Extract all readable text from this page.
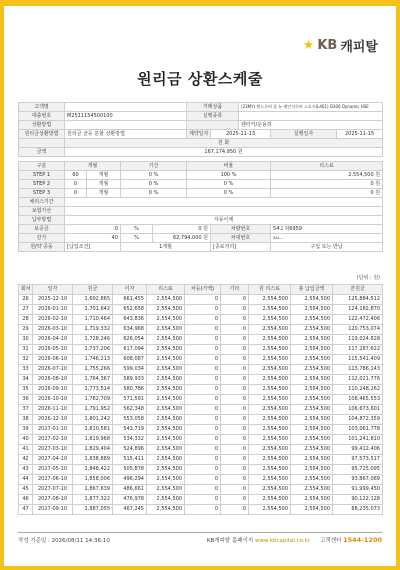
★ KB 캐피탈
원리금 상환스케줄
고객명					거래상품		(23MY) 랜드로버 올 뉴 레인지로버 스포츠(L461) D300 Dynamic HSE		
대출번호	M2511154500100				실행종류				
상환방법							렌터카/운용리		
원리금상환방법	원리금 균등 분할 상환방법				계약일자	2025-11-13		실행일자	2025-11-15
	원 화								
금액	167,174,950 원								

구분	개월		기산		비율			리스료	
STEP 1	60	개월	0 %		100 %			2,554,500 원	
STEP 2	0	개월	0 %		0 %			0 원	
STEP 3	0	개월	0 %		0 %			0 원	
체리스기간									
보험가산									
납부방법	자동이체								
보증금	0		%	0 원		차량번호		54２허6959	
잔가	40		%	62,794,000 원		차대번호		SAL...	
원/약 공동	[납입조건]		1개월			[종료처리]		구입 또는 반납	
(단위 : 원)
회차	일자	원금	이자	리스료	차등(가액)	기타	원 리스료	총 납입금액	잔원금
26	2025-12-10	1,692,865	661,455	2,554,500	0	0	2,554,500	2,554,500	125,884,512
27	2026-01-10	1,701,642	652,658	2,554,500	0	0	2,554,500	2,554,500	124,182,870
28	2026-02-10	1,710,464	643,836	2,554,500	0	0	2,554,500	2,554,500	122,472,406
29	2026-03-10	1,719,332	634,968	2,554,500	0	0	2,554,500	2,554,500	120,753,074
30	2026-04-10	1,728,246	626,054	2,554,500	0	0	2,554,500	2,554,500	119,024,828
31	2026-05-10	1,737,206	617,094	2,554,500	0	0	2,554,500	2,554,500	117,287,622
32	2026-06-10	1,746,213	608,087	2,554,500	0	0	2,554,500	2,554,500	115,541,409
33	2026-07-10	1,755,266	599,034	2,554,500	0	0	2,554,500	2,554,500	113,786,143
34	2026-08-10	1,764,367	589,933	2,554,500	0	0	2,554,500	2,554,500	112,021,776
35	2026-09-10	1,773,514	580,786	2,554,500	0	0	2,554,500	2,554,500	110,248,262
36	2026-10-10	1,782,709	571,591	2,554,500	0	0	2,554,500	2,554,500	108,465,553
37	2026-11-10	1,791,952	562,348	2,554,500	0	0	2,554,500	2,554,500	106,673,601
38	2026-12-10	1,801,242	553,058	2,554,500	0	0	2,554,500	2,554,500	104,872,359
39	2027-01-10	1,810,581	543,719	2,554,500	0	0	2,554,500	2,554,500	103,061,778
40	2027-02-10	1,819,968	534,332	2,554,500	0	0	2,554,500	2,554,500	101,241,810
41	2027-03-10	1,829,404	524,896	2,554,500	0	0	2,554,500	2,554,500	99,412,406
42	2027-04-10	1,838,889	515,411	2,554,500	0	0	2,554,500	2,554,500	97,573,517
43	2027-05-10	1,848,422	505,878	2,554,500	0	0	2,554,500	2,554,500	95,725,095
44	2027-06-10	1,858,006	496,294	2,554,500	0	0	2,554,500	2,554,500	93,867,089
45	2027-07-10	1,867,639	486,661	2,554,500	0	0	2,554,500	2,554,500	91,999,450
46	2027-08-10	1,877,322	476,978	2,554,500	0	0	2,554,500	2,554,500	90,122,128
47	2027-09-10	1,887,055	467,245	2,554,500	0	0	2,554,500	2,554,500	88,235,073
작성 기준일 : 2026/08/11 14:36:10	KB캐피탈 홈페이지 www.kbcapital.co.kr 고객센터 1544-1200
